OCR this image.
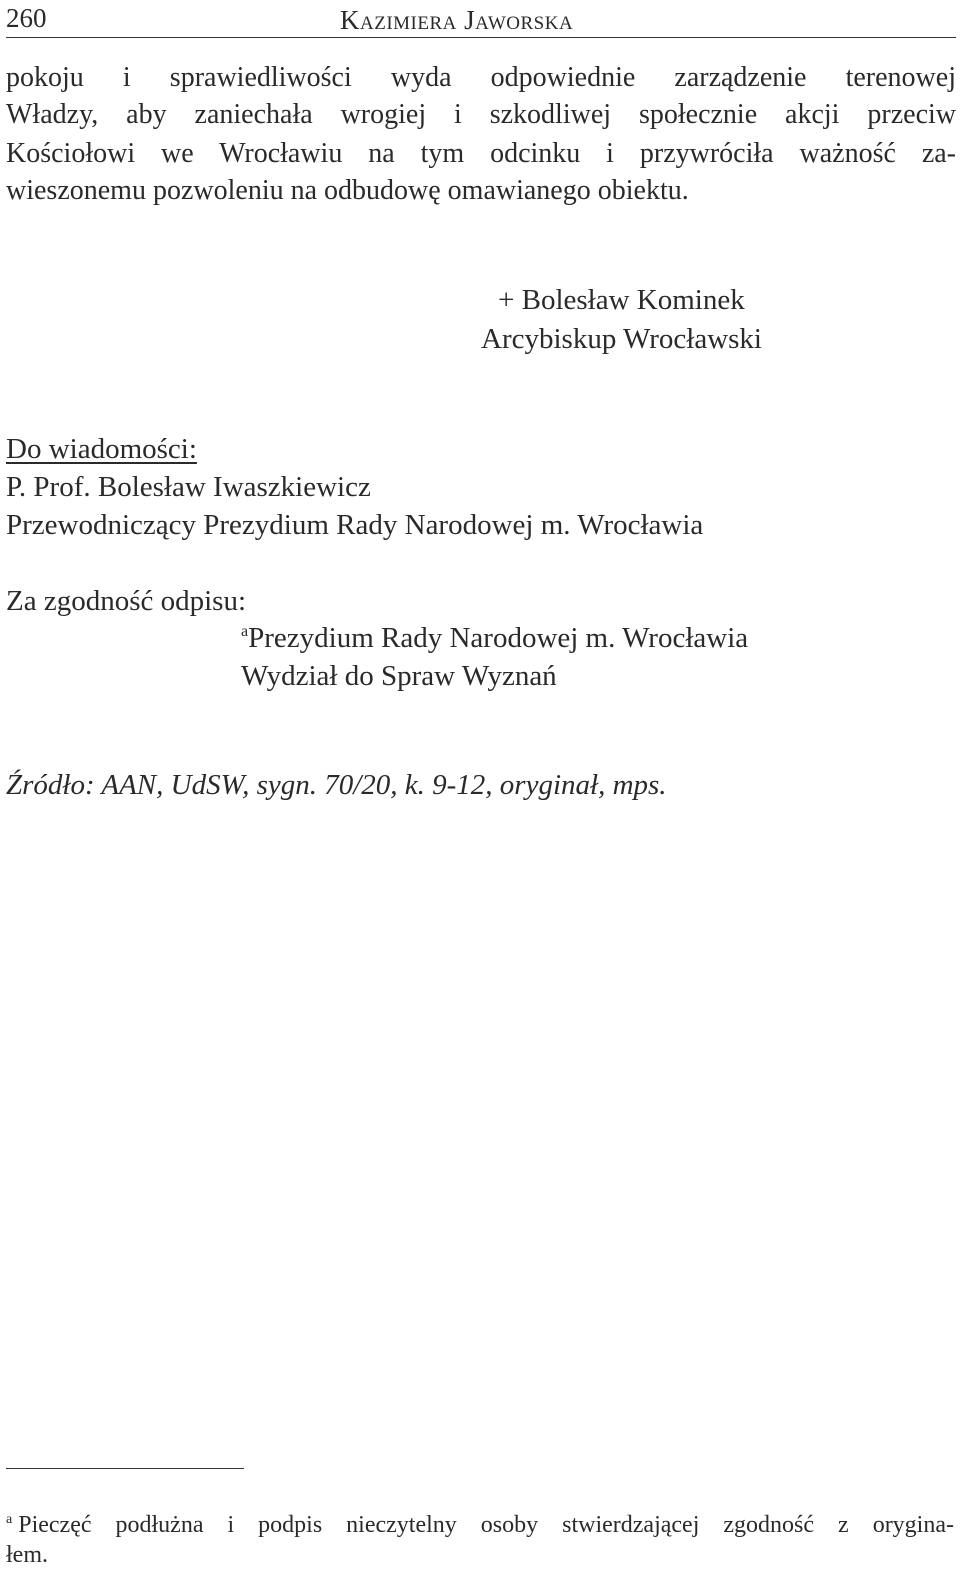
260	Kazimiera Jaworska
pokoju i sprawiedliwości wyda odpowiednie zarządzenie terenowej
Władzy, aby zaniechała wrogiej i szkodliwej społecznie akcji przeciw
Kościołowi we Wrocławiu na tym odcinku i przywróciła ważność za-
wieszonemu pozwoleniu na odbudowę omawianego obiektu.
+ Bolesław Kominek
Arcybiskup Wrocławski
Do wiadomości:
P. Prof. Bolesław Iwaszkiewicz
Przewodniczący Prezydium Rady Narodowej m. Wrocławia
Za zgodność odpisu:
$^a$Prezydium Rady Narodowej m. Wrocławia
Wydział do Spraw Wyznań
Źródło: AAN, UdSW, sygn. 70/20, k. 9-12, oryginał, mps.
$^a$ Pieczęć podłużna i podpis nieczytelny osoby stwierdzającej zgodność z orygina-
łem.
